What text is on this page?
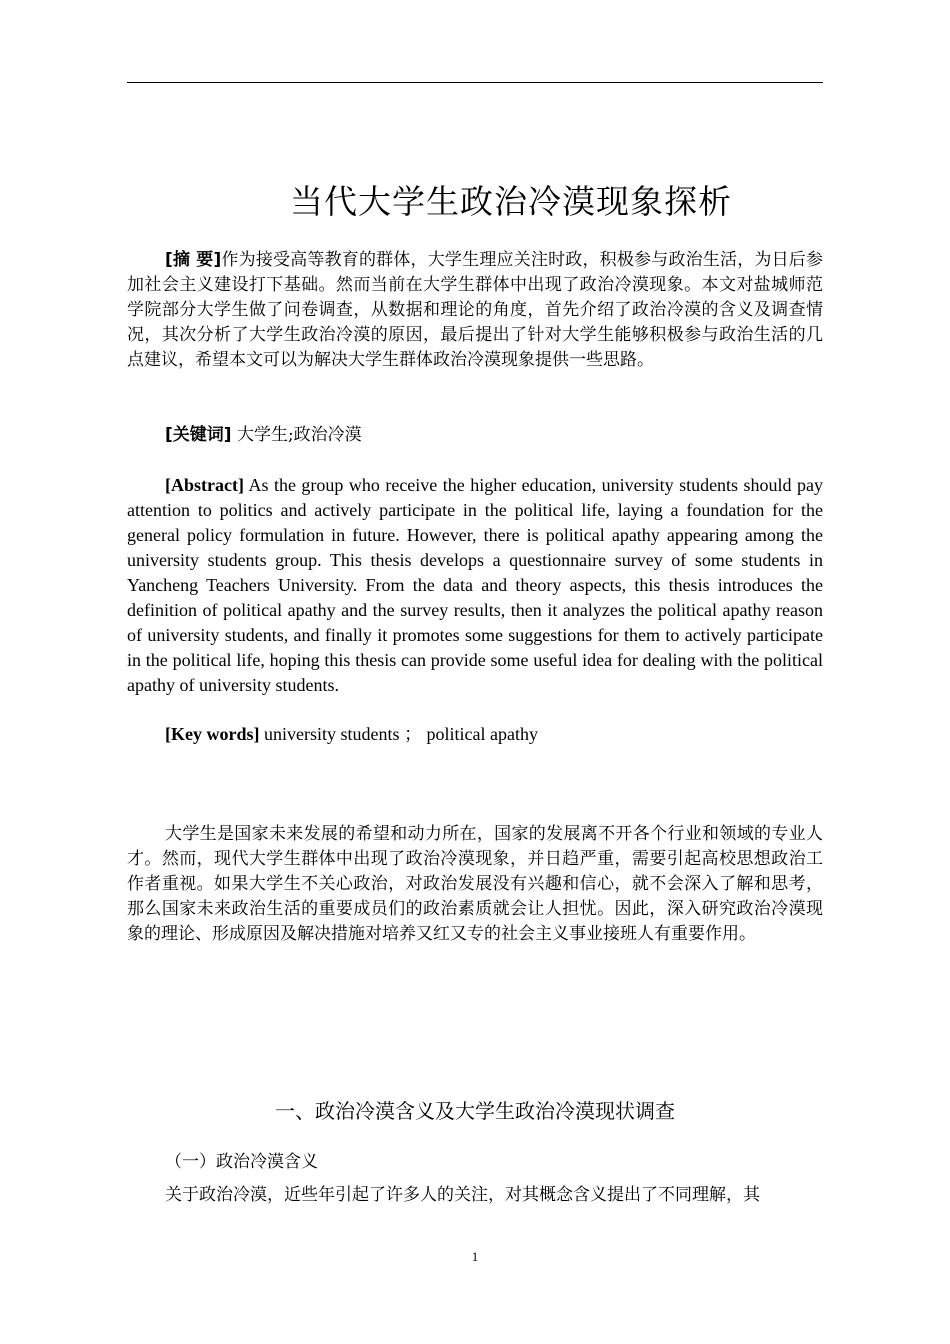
当代大学生政治冷漠现象探析
[摘 要]作为接受高等教育的群体，大学生理应关注时政，积极参与政治生活，为日后参加社会主义建设打下基础。然而当前在大学生群体中出现了政治冷漠现象。本文对盐城师范学院部分大学生做了问卷调查，从数据和理论的角度，首先介绍了政治冷漠的含义及调查情况，其次分析了大学生政治冷漠的原因，最后提出了针对大学生能够积极参与政治生活的几点建议，希望本文可以为解决大学生群体政治冷漠现象提供一些思路。
[关键词] 大学生;政治冷漠
[Abstract] As the group who receive the higher education, university students should pay attention to politics and actively participate in the political life, laying a foundation for the general policy formulation in future. However, there is political apathy appearing among the university students group. This thesis develops a questionnaire survey of some students in Yancheng Teachers University. From the data and theory aspects, this thesis introduces the definition of political apathy and the survey results, then it analyzes the political apathy reason of university students, and finally it promotes some suggestions for them to actively participate in the political life, hoping this thesis can provide some useful idea for dealing with the political apathy of university students.
[Key words] university students ； political apathy
大学生是国家未来发展的希望和动力所在，国家的发展离不开各个行业和领域的专业人才。然而，现代大学生群体中出现了政治冷漠现象，并日趋严重，需要引起高校思想政治工作者重视。如果大学生不关心政治，对政治发展没有兴趣和信心，就不会深入了解和思考，那么国家未来政治生活的重要成员们的政治素质就会让人担忧。因此，深入研究政治冷漠现象的理论、形成原因及解决措施对培养又红又专的社会主义事业接班人有重要作用。
一、政治冷漠含义及大学生政治冷漠现状调查
（一）政治冷漠含义
关于政治冷漠，近些年引起了许多人的关注，对其概念含义提出了不同理解，其
1
